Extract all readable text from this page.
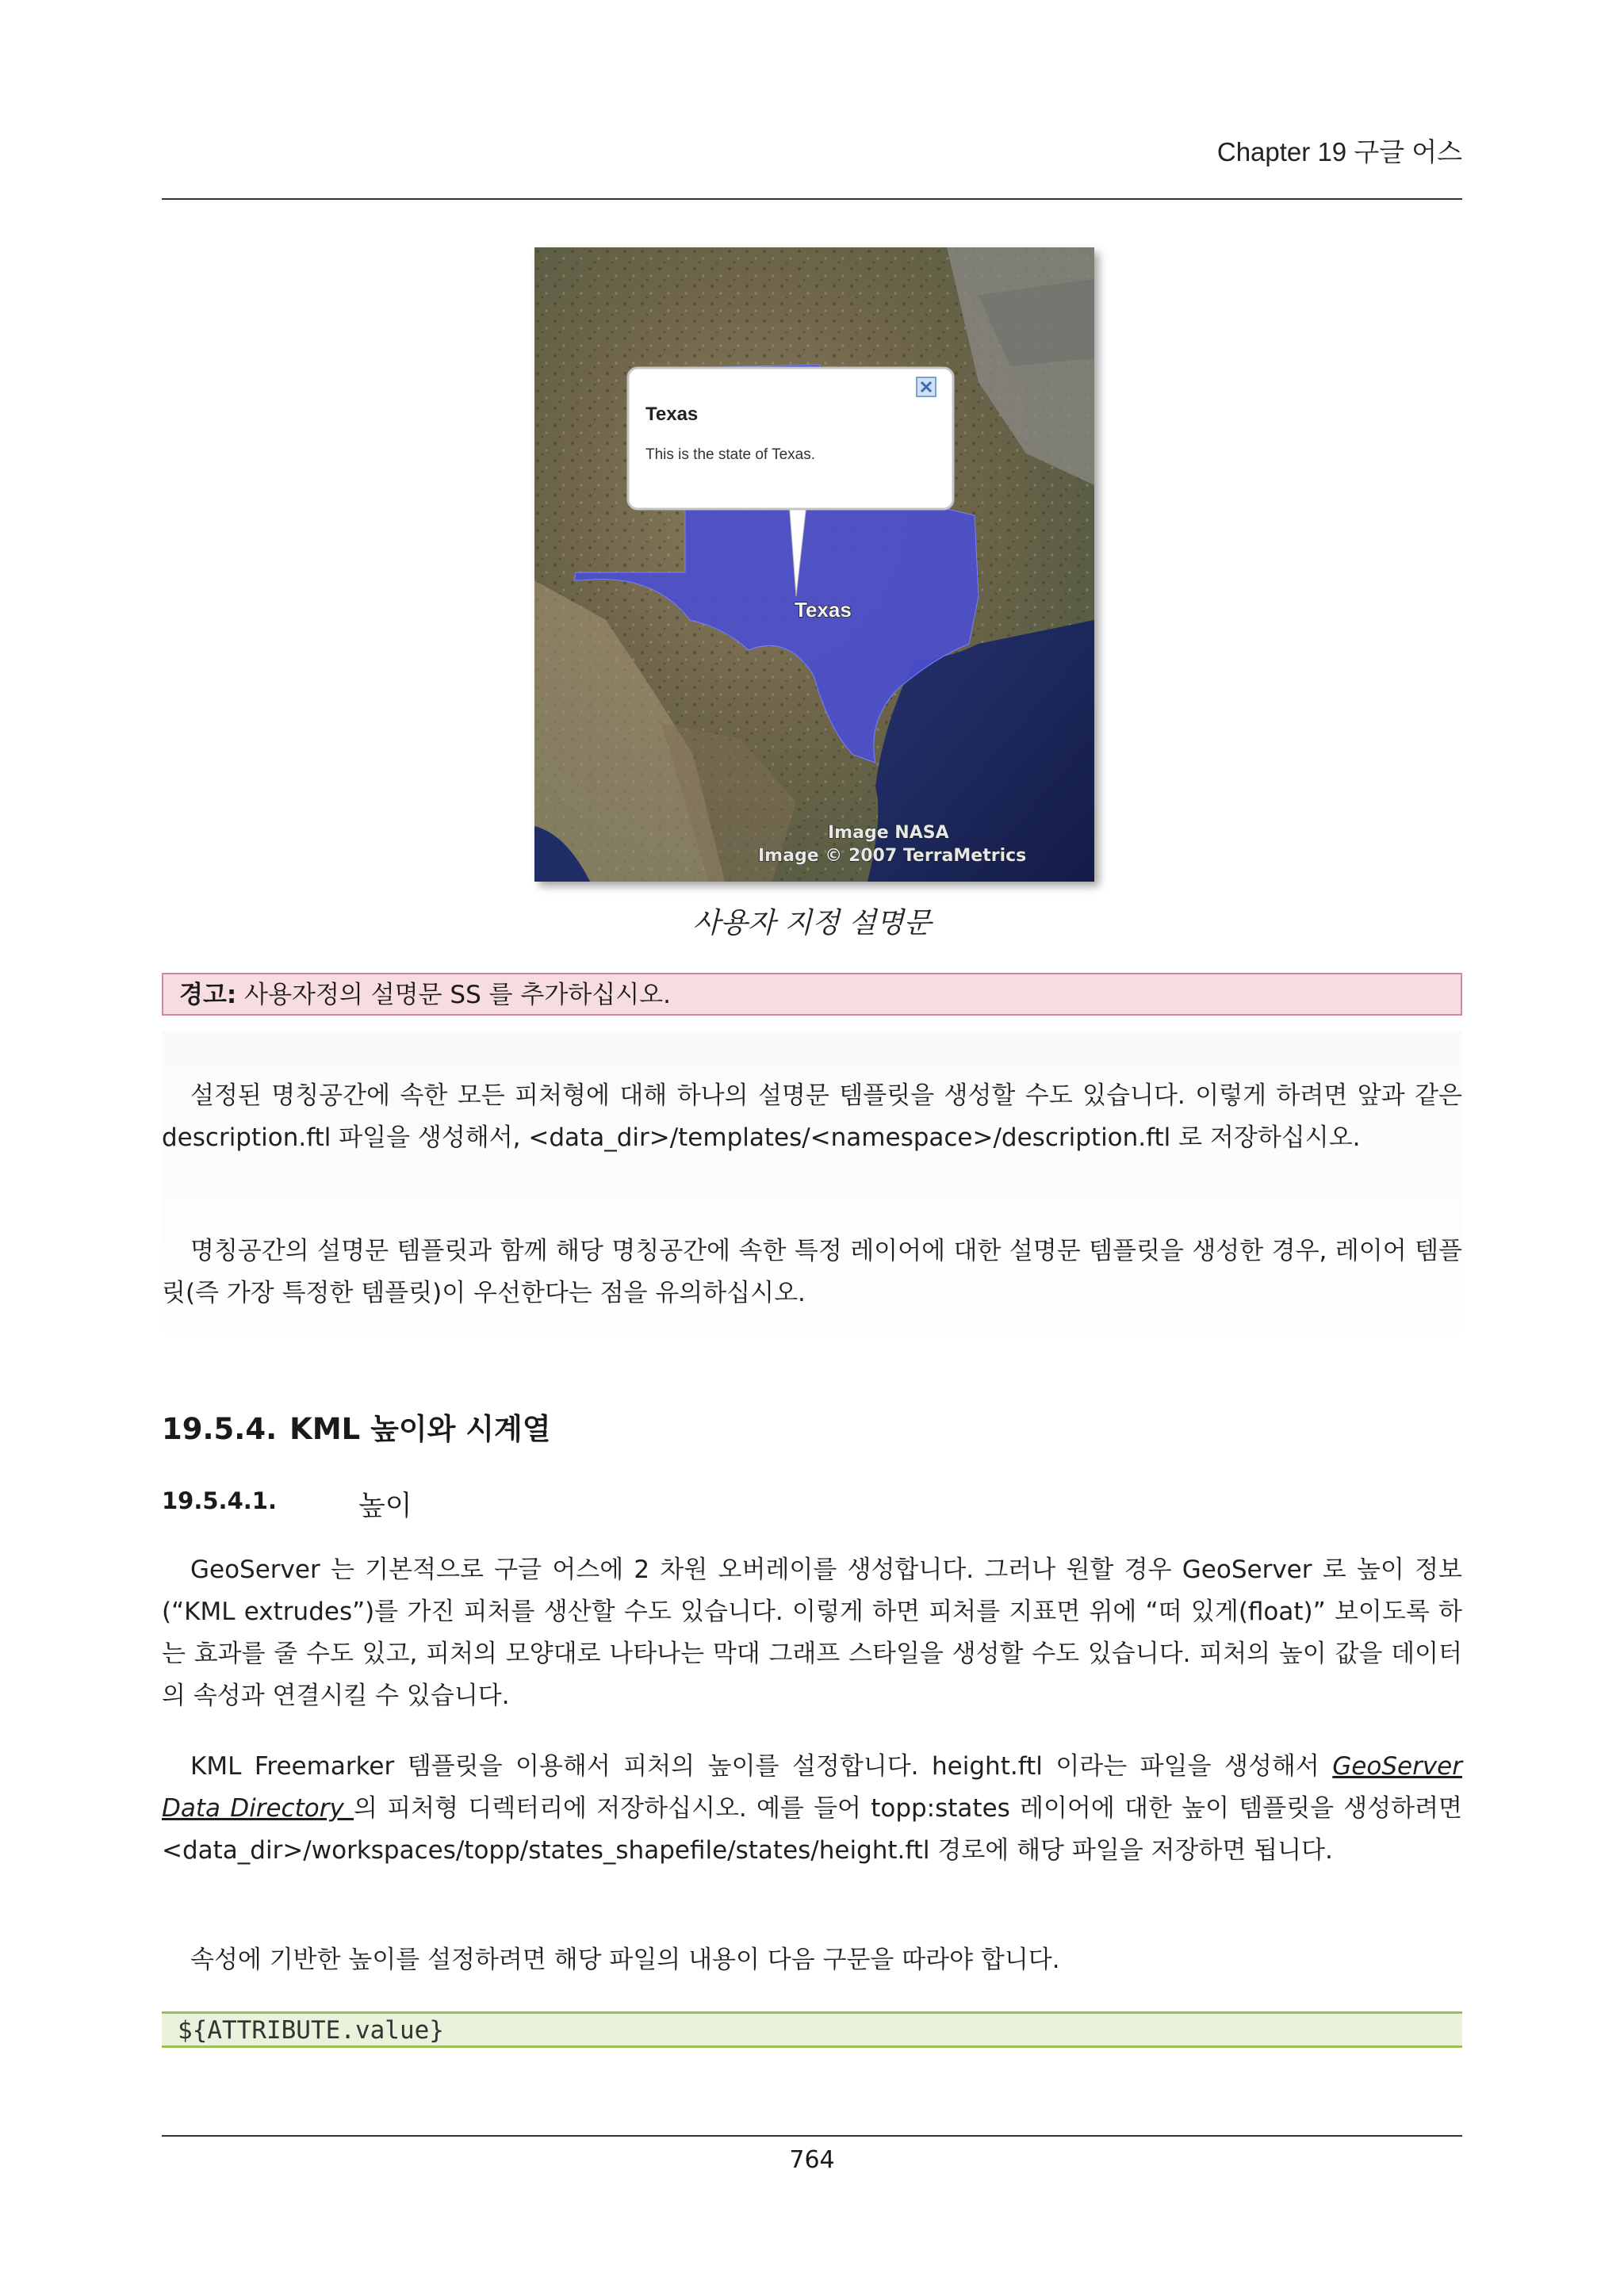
Chapter 19 구글 어스
Texas
This is the state of Texas.
Texas
Image NASA
Image © 2007 TerraMetrics
사용자 지정 설명문
경고: 사용자정의 설명문 SS 를 추가하십시오.

설정된 명칭공간에 속한 모든 피처형에 대해 하나의 설명문 템플릿을 생성할 수도 있습니다. 이렇게 하려면 앞과 같은 description.ftl 파일을 생성해서, <data_dir>/templates/<namespace>/description.ftl 로 저장하십시오.

명칭공간의 설명문 템플릿과 함께 해당 명칭공간에 속한 특정 레이어에 대한 설명문 템플릿을 생성한 경우, 레이어 템플릿(즉 가장 특정한 템플릿)이 우선한다는 점을 유의하십시오.

19.5.4. KML 높이와 시계열
19.5.4.1.	높이

GeoServer 는 기본적으로 구글 어스에 2 차원 오버레이를 생성합니다. 그러나 원할 경우 GeoServer 로 높이 정보(“KML extrudes”)를 가진 피처를 생산할 수도 있습니다. 이렇게 하면 피처를 지표면 위에 “떠 있게(float)” 보이도록 하는 효과를 줄 수도 있고, 피처의 모양대로 나타나는 막대 그래프 스타일을 생성할 수도 있습니다. 피처의 높이 값을 데이터의 속성과 연결시킬 수 있습니다.

KML Freemarker 템플릿을 이용해서 피처의 높이를 설정합니다. height.ftl 이라는 파일을 생성해서 GeoServer Data Directory 의 피처형 디렉터리에 저장하십시오. 예를 들어 topp:states 레이어에 대한 높이 템플릿을 생성하려면 <data_dir>/workspaces/topp/states_shapefile/states/height.ftl 경로에 해당 파일을 저장하면 됩니다.

속성에 기반한 높이를 설정하려면 해당 파일의 내용이 다음 구문을 따라야 합니다.

${ATTRIBUTE.value}
764
